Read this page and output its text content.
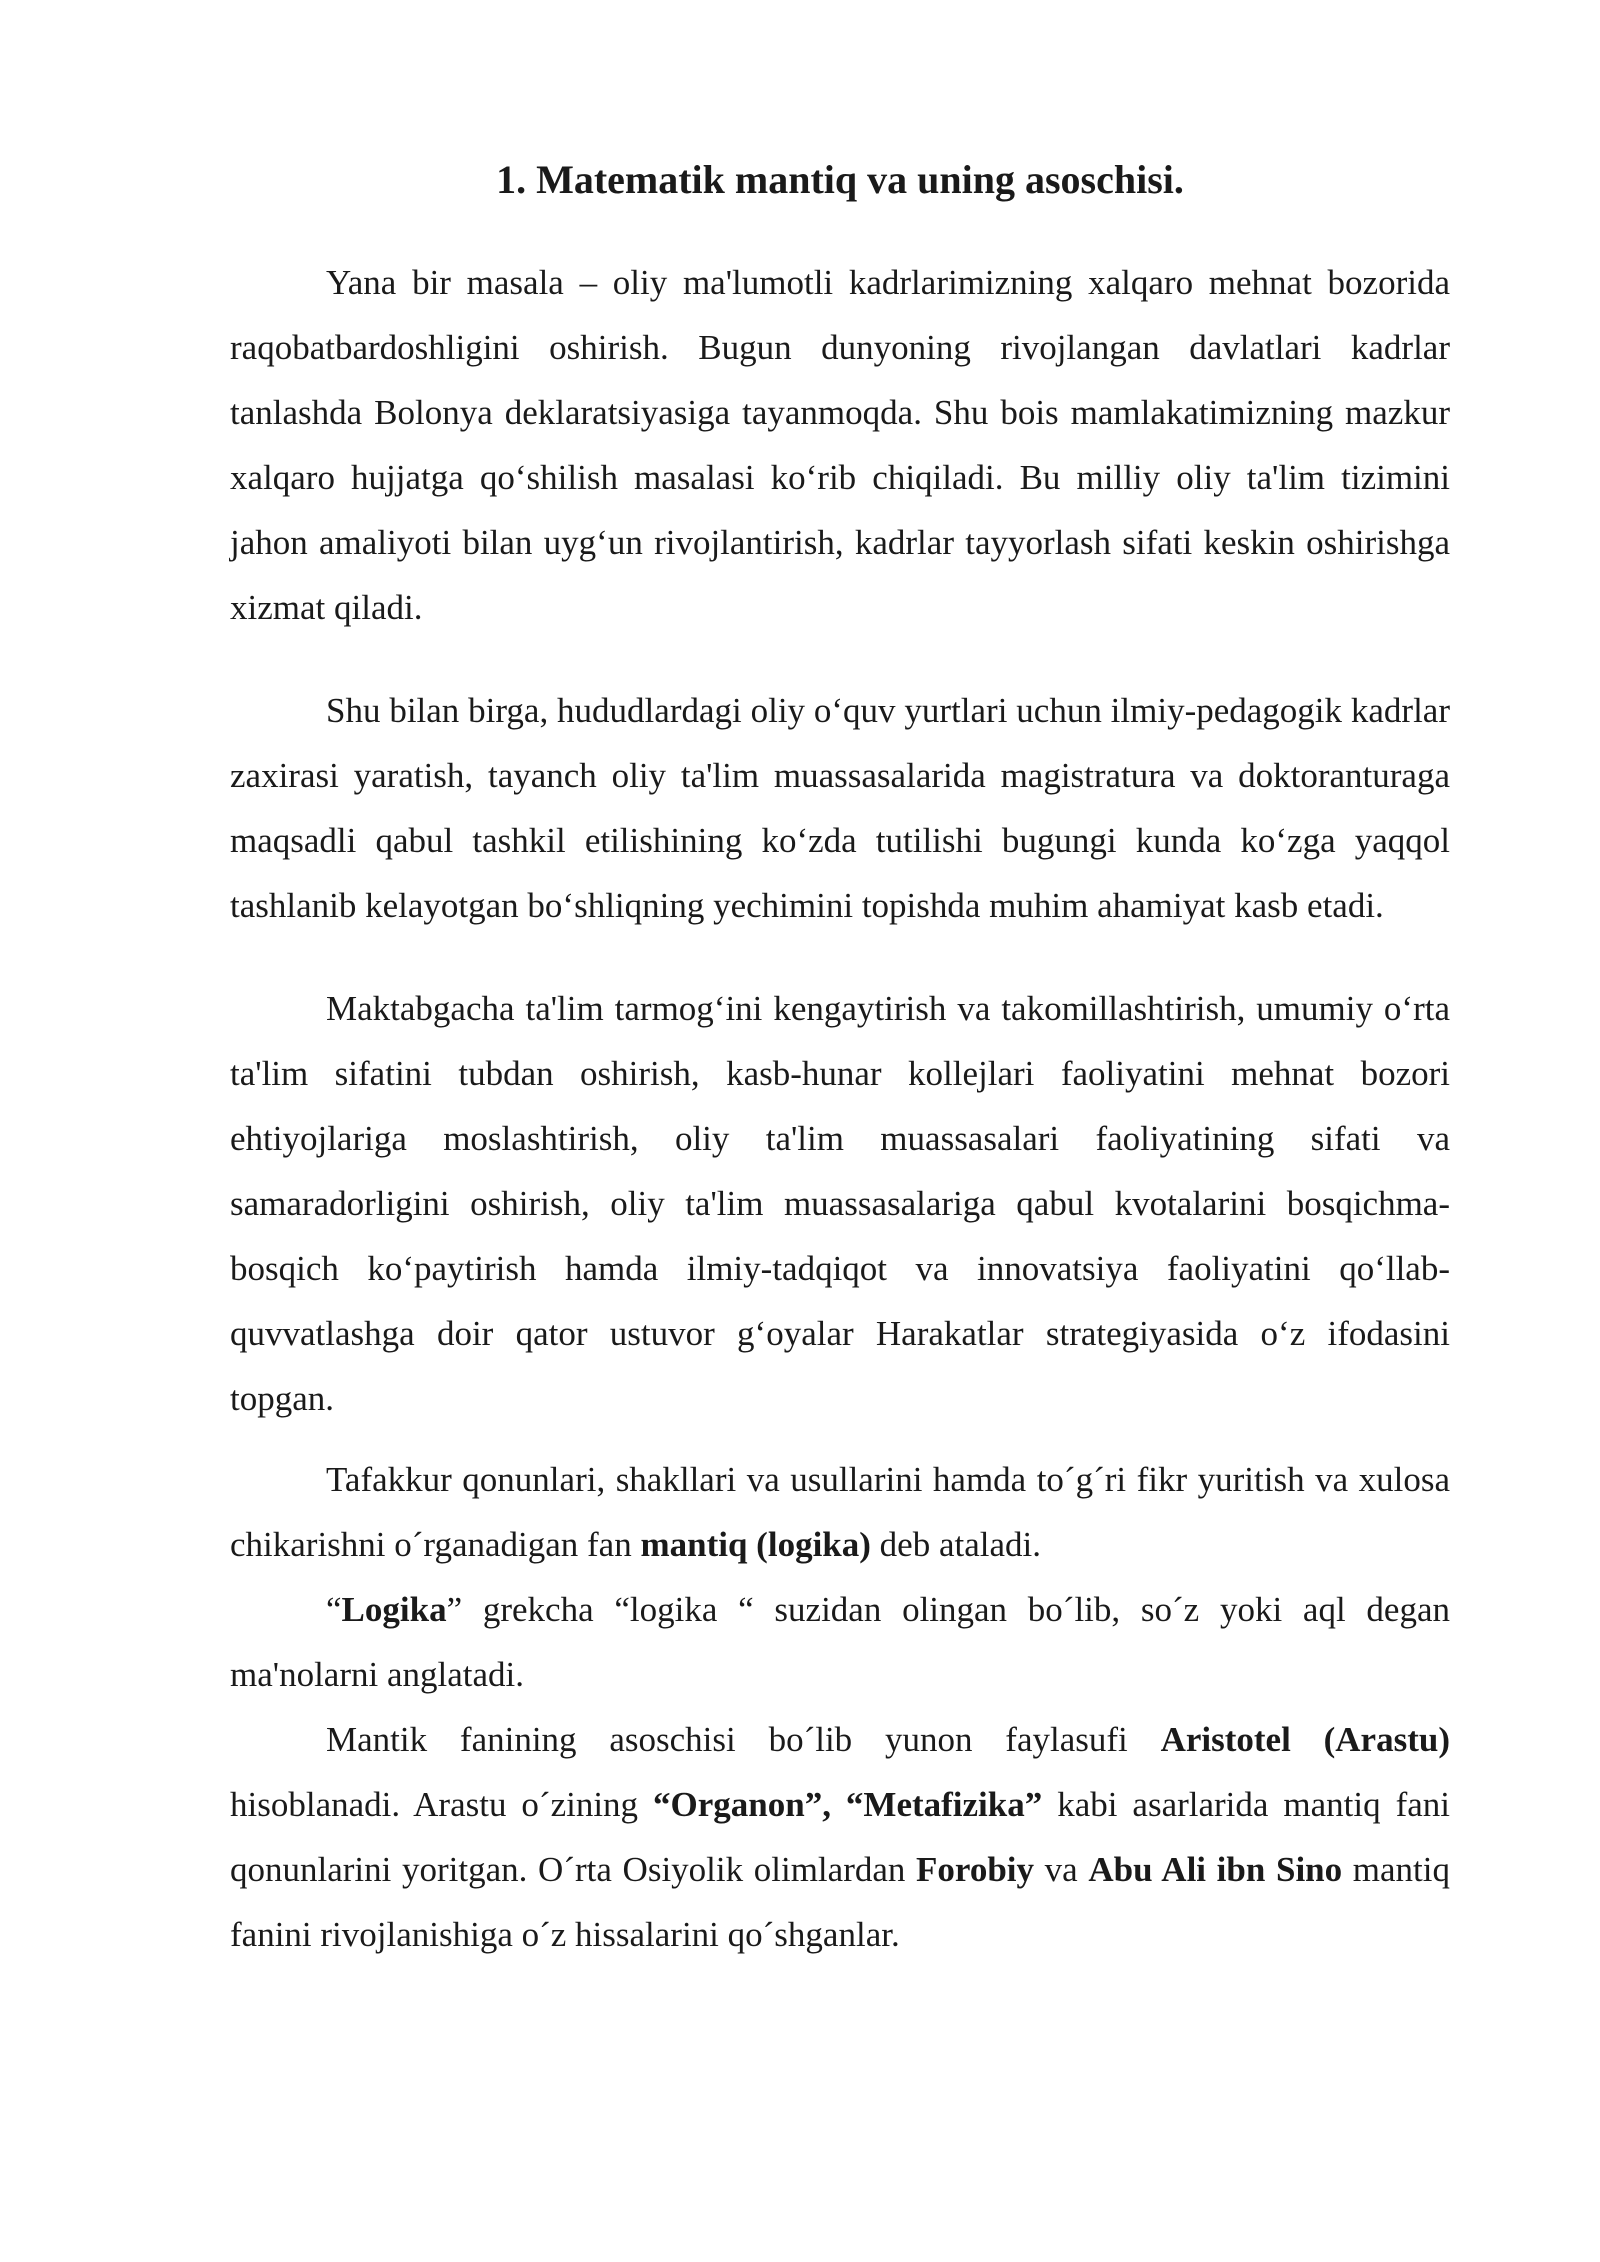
1. Matematik mantiq va uning asoschisi.

Yana bir masala – oliy ma'lumotli kadrlarimizning xalqaro mehnat bozorida raqobatbardoshligini oshirish. Bugun dunyoning rivojlangan davlatlari kadrlar tanlashda Bolonya deklaratsiyasiga tayanmoqda. Shu bois mamlakatimizning mazkur xalqaro hujjatga qo‘shilish masalasi ko‘rib chiqiladi. Bu milliy oliy ta'lim tizimini jahon amaliyoti bilan uyg‘un rivojlantirish, kadrlar tayyorlash sifati keskin oshirishga xizmat qiladi.

Shu bilan birga, hududlardagi oliy o‘quv yurtlari uchun ilmiy-pedagogik kadrlar zaxirasi yaratish, tayanch oliy ta'lim muassasalarida magistratura va doktoranturaga maqsadli qabul tashkil etilishining ko‘zda tutilishi bugungi kunda ko‘zga yaqqol tashlanib kelayotgan bo‘shliqning yechimini topishda muhim ahamiyat kasb etadi.

Maktabgacha ta'lim tarmog‘ini kengaytirish va takomillashtirish, umumiy o‘rta ta'lim sifatini tubdan oshirish, kasb-hunar kollejlari faoliyatini mehnat bozori ehtiyojlariga moslashtirish, oliy ta'lim muassasalari faoliyatining sifati va samaradorligini oshirish, oliy ta'lim muassasalariga qabul kvotalarini bosqichma-bosqich ko‘paytirish hamda ilmiy-tadqiqot va innovatsiya faoliyatini qo‘llab-quvvatlashga doir qator ustuvor g‘oyalar Harakatlar strategiyasida o‘z ifodasini topgan.

Tafakkur qonunlari, shakllari va usullarini hamda to´g´ri fikr yuritish va xulosa chikarishni o´rganadigan fan mantiq (logika) deb ataladi.

“Logika” grekcha “logika “ suzidan olingan bo´lib, so´z yoki aql degan ma'nolarni anglatadi.

Mantik fanining asoschisi bo´lib yunon faylasufi Aristotel (Arastu) hisoblanadi. Arastu o´zining “Organon”, “Metafizika” kabi asarlarida mantiq fani qonunlarini yoritgan. O´rta Osiyolik olimlardan Forobiy va Abu Ali ibn Sino mantiq fanini rivojlanishiga o´z hissalarini qo´shganlar.
